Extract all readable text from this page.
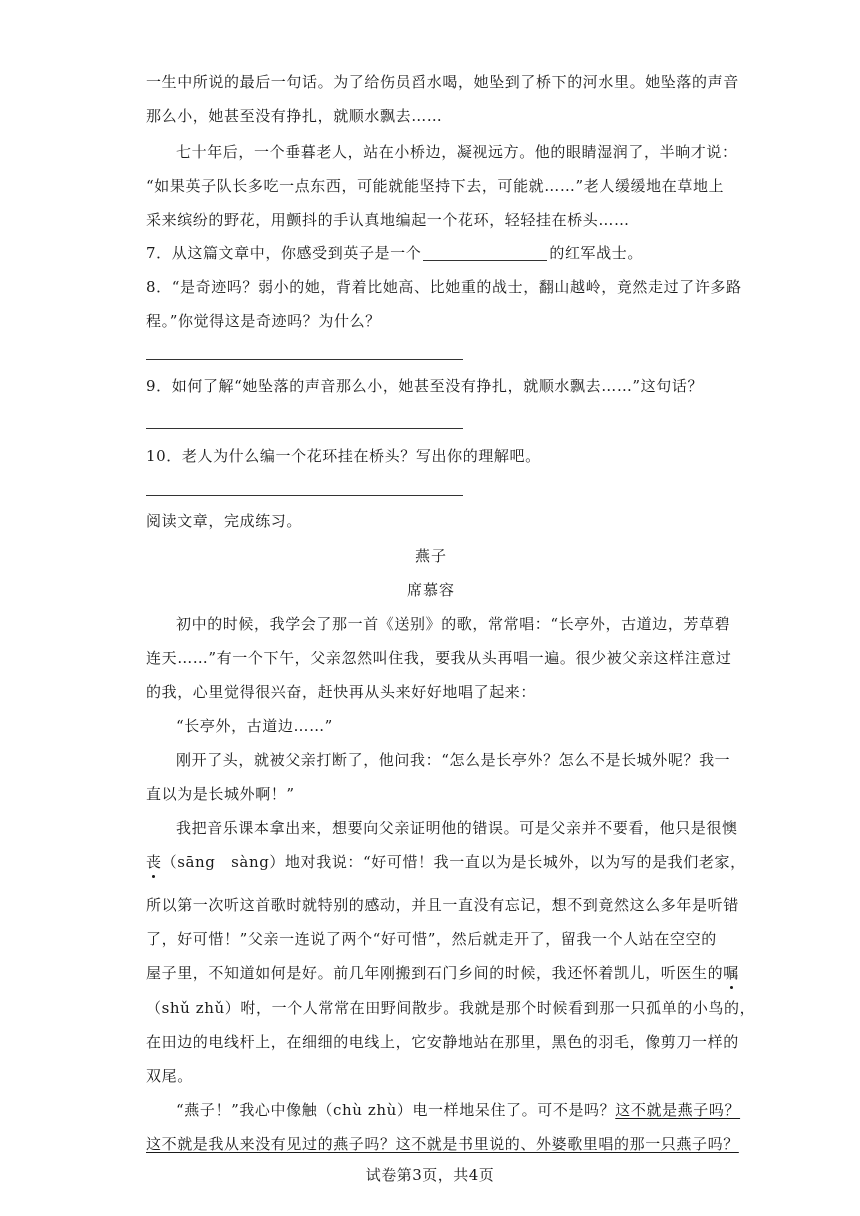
一生中所说的最后一句话。为了给伤员舀水喝，她坠到了桥下的河水里。她坠落的声音
那么小，她甚至没有挣扎，就顺水飘去……
七十年后，一个垂暮老人，站在小桥边，凝视远方。他的眼睛湿润了，半晌才说：
“如果英子队长多吃一点东西，可能就能坚持下去，可能就……”老人缓缓地在草地上
采来缤纷的野花，用颤抖的手认真地编起一个花环，轻轻挂在桥头……
7．从这篇文章中，你感受到英子是一个	的红军战士。
8．“是奇迹吗？弱小的她，背着比她高、比她重的战士，翻山越岭，竟然走过了许多路
程。”你觉得这是奇迹吗？为什么？
9．如何了解“她坠落的声音那么小，她甚至没有挣扎，就顺水飘去……”这句话？
10．老人为什么编一个花环挂在桥头？写出你的理解吧。
阅读文章，完成练习。
燕子
席慕容
初中的时候，我学会了那一首《送别》的歌，常常唱：“长亭外，古道边，芳草碧
连天……”有一个下午，父亲忽然叫住我，要我从头再唱一遍。很少被父亲这样注意过
的我，心里觉得很兴奋，赶快再从头来好好地唱了起来：
“长亭外，古道边……”
刚开了头，就被父亲打断了，他问我：“怎么是长亭外？怎么不是长城外呢？我一
直以为是长城外啊！”
我把音乐课本拿出来，想要向父亲证明他的错误。可是父亲并不要看，他只是很懊
丧（sāng　sàng）地对我说：“好可惜！我一直以为是长城外，以为写的是我们老家，
所以第一次听这首歌时就特别的感动，并且一直没有忘记，想不到竟然这么多年是听错
了，好可惜！”父亲一连说了两个“好可惜”，然后就走开了，留我一个人站在空空的
屋子里，不知道如何是好。前几年刚搬到石门乡间的时候，我还怀着凯儿，听医生的嘱
（shǔ zhǔ）咐，一个人常常在田野间散步。我就是那个时候看到那一只孤单的小鸟的，
在田边的电线杆上，在细细的电线上，它安静地站在那里，黑色的羽毛，像剪刀一样的
双尾。
“燕子！”我心中像触（chù zhù）电一样地呆住了。可不是吗？这不就是燕子吗？
这不就是我从来没有见过的燕子吗？这不就是书里说的、外婆歌里唱的那一只燕子吗？
试卷第3页，共4页
